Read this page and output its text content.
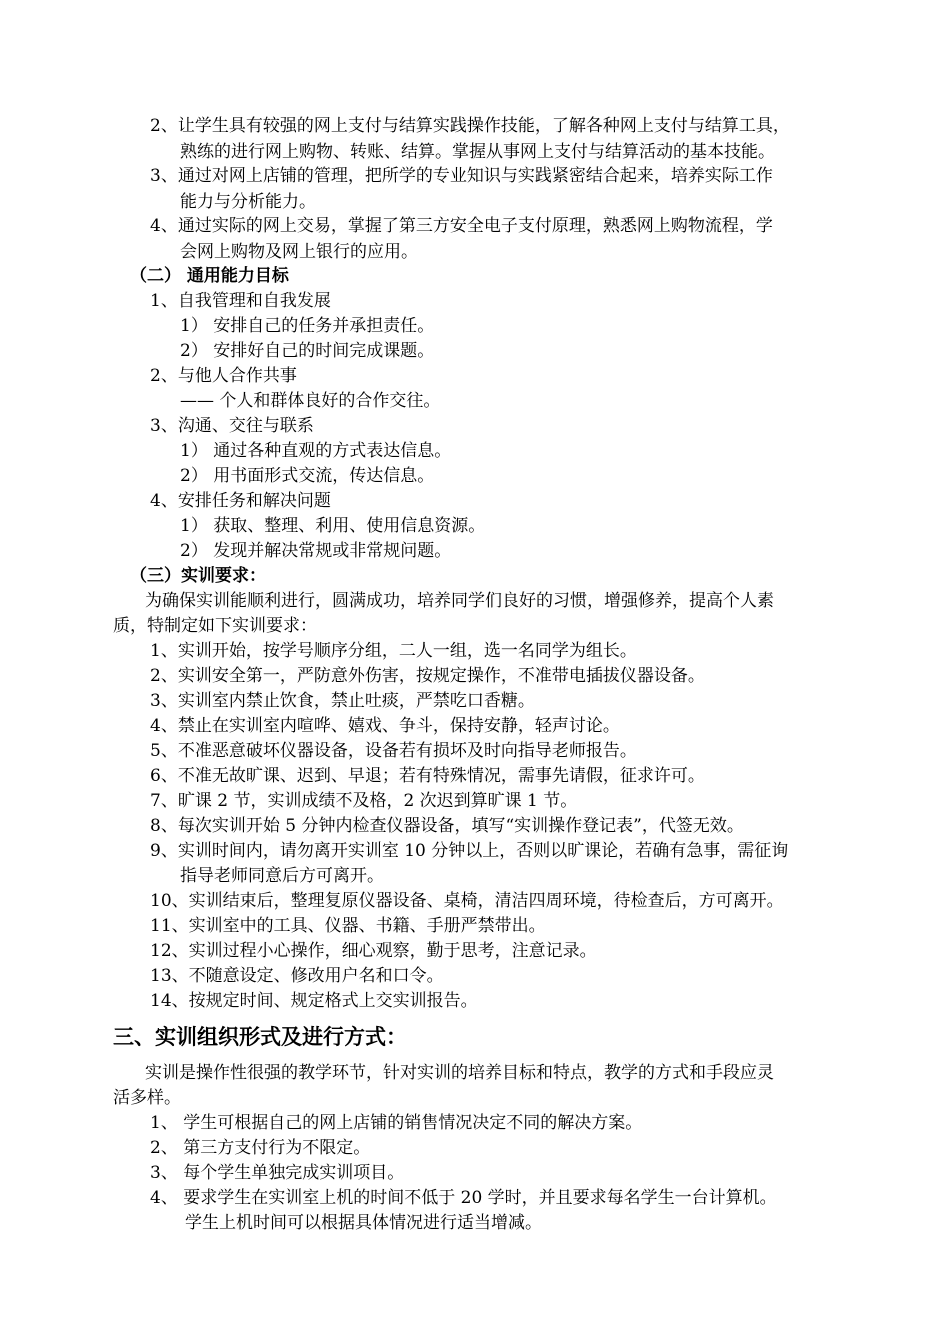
2、让学生具有较强的网上支付与结算实践操作技能，了解各种网上支付与结算工具，
熟练的进行网上购物、转账、结算。掌握从事网上支付与结算活动的基本技能。
3、通过对网上店铺的管理，把所学的专业知识与实践紧密结合起来，培养实际工作
能力与分析能力。
4、通过实际的网上交易，掌握了第三方安全电子支付原理，熟悉网上购物流程，学
会网上购物及网上银行的应用。
（二） 通用能力目标
1、自我管理和自我发展
1） 安排自己的任务并承担责任。
2） 安排好自己的时间完成课题。
2、与他人合作共事
—— 个人和群体良好的合作交往。
3、沟通、交往与联系
1） 通过各种直观的方式表达信息。
2） 用书面形式交流，传达信息。
4、安排任务和解决问题
1） 获取、整理、利用、使用信息资源。
2） 发现并解决常规或非常规问题。
（三）实训要求：
为确保实训能顺利进行，圆满成功，培养同学们良好的习惯，增强修养，提高个人素
质，特制定如下实训要求：
1、实训开始，按学号顺序分组，二人一组，选一名同学为组长。
2、实训安全第一，严防意外伤害，按规定操作，不准带电插拔仪器设备。
3、实训室内禁止饮食，禁止吐痰，严禁吃口香糖。
4、禁止在实训室内喧哗、嬉戏、争斗，保持安静，轻声讨论。
5、不准恶意破坏仪器设备，设备若有损坏及时向指导老师报告。
6、不准无故旷课、迟到、早退；若有特殊情况，需事先请假，征求许可。
7、旷课 2 节，实训成绩不及格，2 次迟到算旷课 1 节。
8、每次实训开始 5 分钟内检查仪器设备，填写“实训操作登记表”，代签无效。
9、实训时间内，请勿离开实训室 10 分钟以上，否则以旷课论，若确有急事，需征询
指导老师同意后方可离开。
10、实训结束后，整理复原仪器设备、桌椅，清洁四周环境，待检查后，方可离开。
11、实训室中的工具、仪器、书籍、手册严禁带出。
12、实训过程小心操作，细心观察，勤于思考，注意记录。
13、不随意设定、修改用户名和口令。
14、按规定时间、规定格式上交实训报告。
三、实训组织形式及进行方式：
实训是操作性很强的教学环节，针对实训的培养目标和特点，教学的方式和手段应灵
活多样。
1、 学生可根据自己的网上店铺的销售情况决定不同的解决方案。
2、 第三方支付行为不限定。
3、 每个学生单独完成实训项目。
4、 要求学生在实训室上机的时间不低于 20 学时，并且要求每名学生一台计算机。
学生上机时间可以根据具体情况进行适当增减。
